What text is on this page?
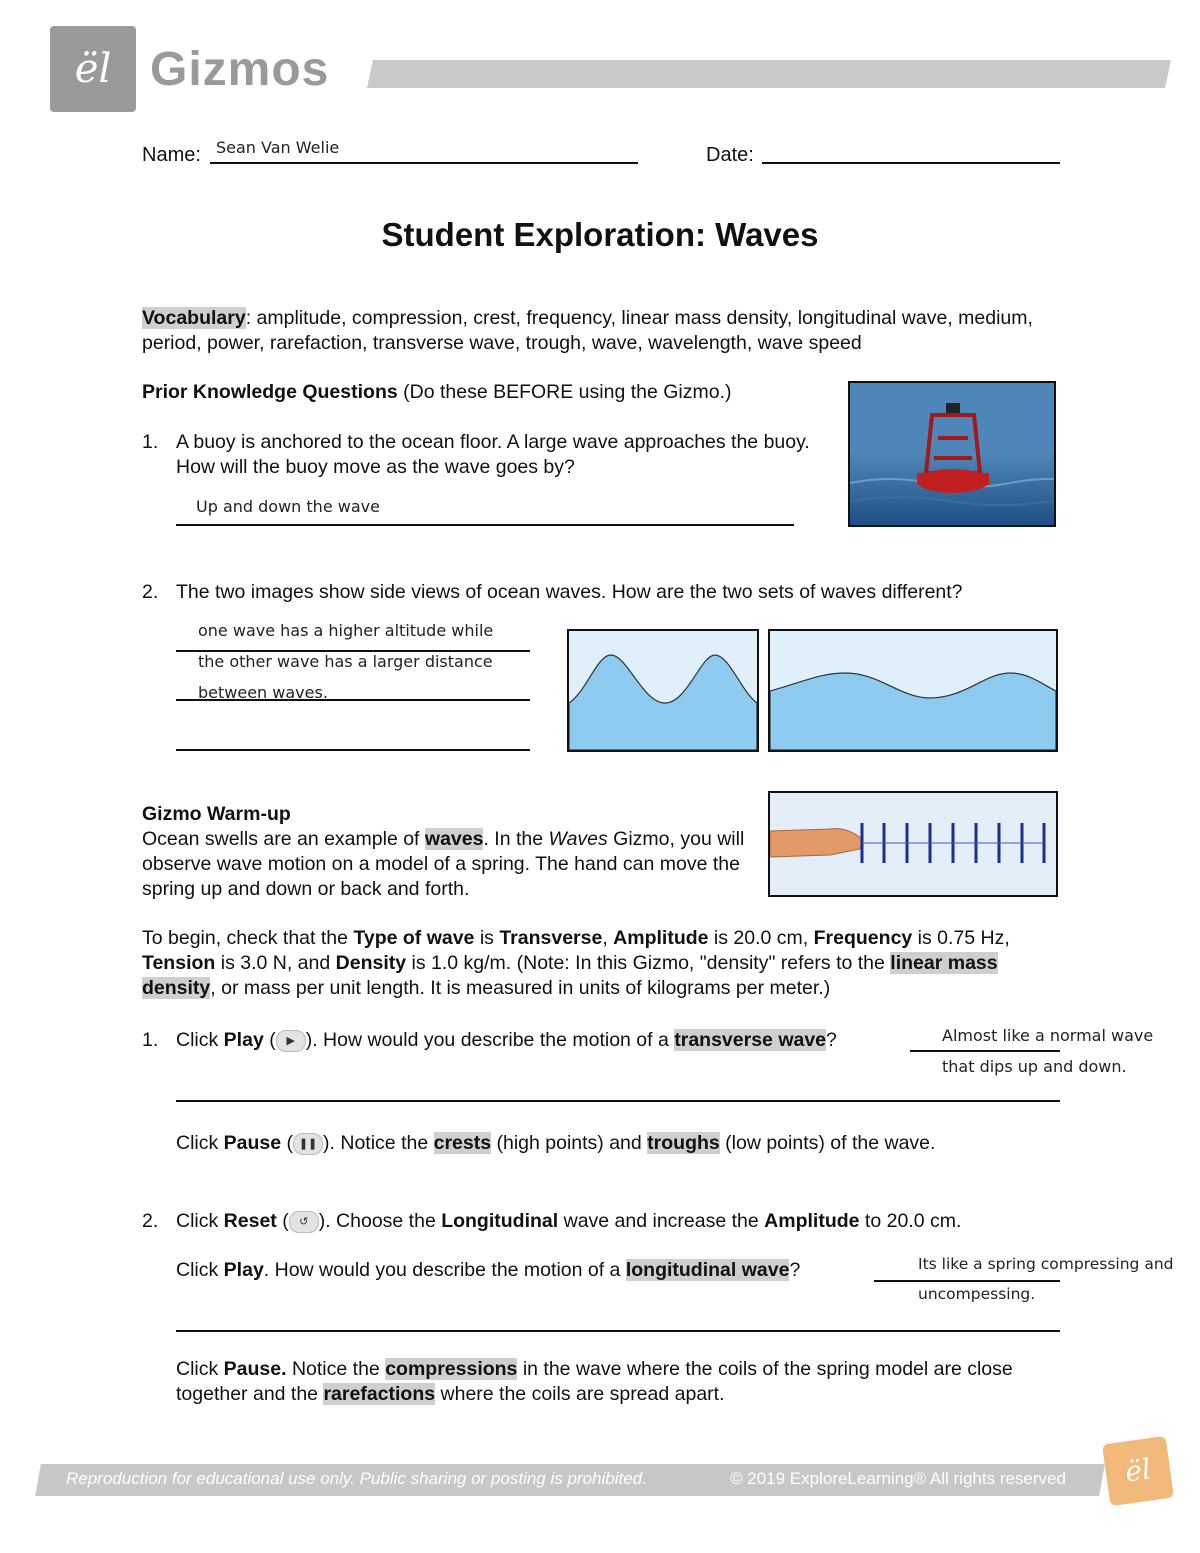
ël Gizmos
Name: Sean Van Welie	Date:
Student Exploration: Waves
Vocabulary: amplitude, compression, crest, frequency, linear mass density, longitudinal wave, medium, period, power, rarefaction, transverse wave, trough, wave, wavelength, wave speed
Prior Knowledge Questions (Do these BEFORE using the Gizmo.)
1. A buoy is anchored to the ocean floor. A large wave approaches the buoy. How will the buoy move as the wave goes by?
Up and down the wave
2. The two images show side views of ocean waves. How are the two sets of waves different?
one wave has a higher altitude while
the other wave has a larger distance
between waves.
Gizmo Warm-up
Ocean swells are an example of waves. In the Waves Gizmo, you will observe wave motion on a model of a spring. The hand can move the spring up and down or back and forth.
To begin, check that the Type of wave is Transverse, Amplitude is 20.0 cm, Frequency is 0.75 Hz, Tension is 3.0 N, and Density is 1.0 kg/m. (Note: In this Gizmo, "density" refers to the linear mass density, or mass per unit length. It is measured in units of kilograms per meter.)
1. Click Play ( ▶ ). How would you describe the motion of a transverse wave?	Almost like a normal wave
that dips up and down.
Click Pause ( ❚❚ ). Notice the crests (high points) and troughs (low points) of the wave.
2. Click Reset ( ↺ ). Choose the Longitudinal wave and increase the Amplitude to 20.0 cm.
Click Play. How would you describe the motion of a longitudinal wave?	Its like a spring compressing and
uncompessing.
Click Pause. Notice the compressions in the wave where the coils of the spring model are close together and the rarefactions where the coils are spread apart.
Reproduction for educational use only. Public sharing or posting is prohibited.	© 2019 ExploreLearning® All rights reserved	ël
